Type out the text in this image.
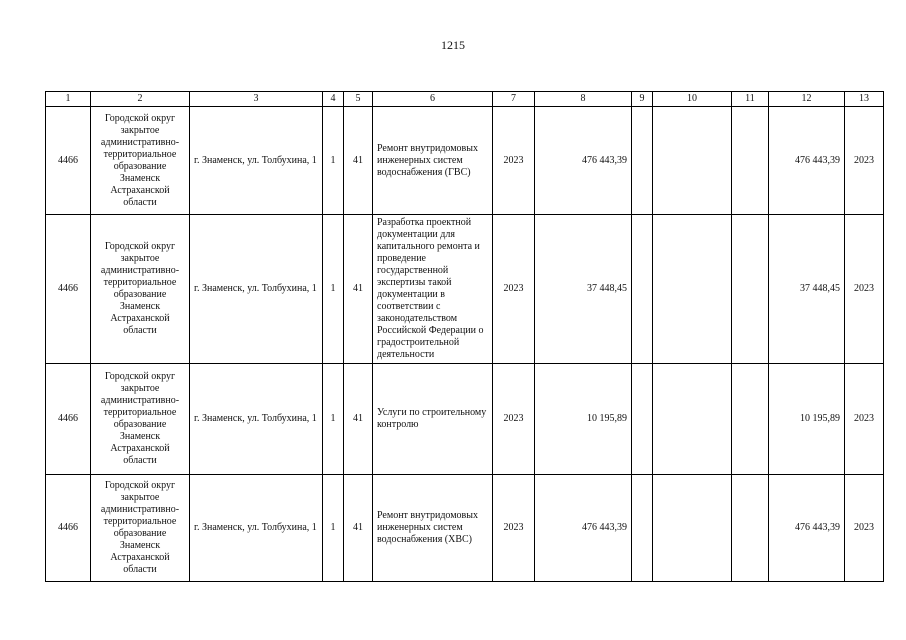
1215
1	2	3	4	5	6	7	8	9	10	11	12	13
4466	Городской округ закрытое административно-территориальное образование Знаменск Астраханской области	г. Знаменск, ул. Толбухина, 1	1	41	Ремонт внутридомовых инженерных систем водоснабжения (ГВС)	2023	476 443,39				476 443,39	2023
4466	Городской округ закрытое административно-территориальное образование Знаменск Астраханской области	г. Знаменск, ул. Толбухина, 1	1	41	Разработка проектной документации для капитального ремонта и проведение государственной экспертизы такой документации в соответствии с законодательством Российской Федерации о градостроительной деятельности	2023	37 448,45				37 448,45	2023
4466	Городской округ закрытое административно-территориальное образование Знаменск Астраханской области	г. Знаменск, ул. Толбухина, 1	1	41	Услуги по строительному контролю	2023	10 195,89				10 195,89	2023
4466	Городской округ закрытое административно-территориальное образование Знаменск Астраханской области	г. Знаменск, ул. Толбухина, 1	1	41	Ремонт внутридомовых инженерных систем водоснабжения (ХВС)	2023	476 443,39				476 443,39	2023
